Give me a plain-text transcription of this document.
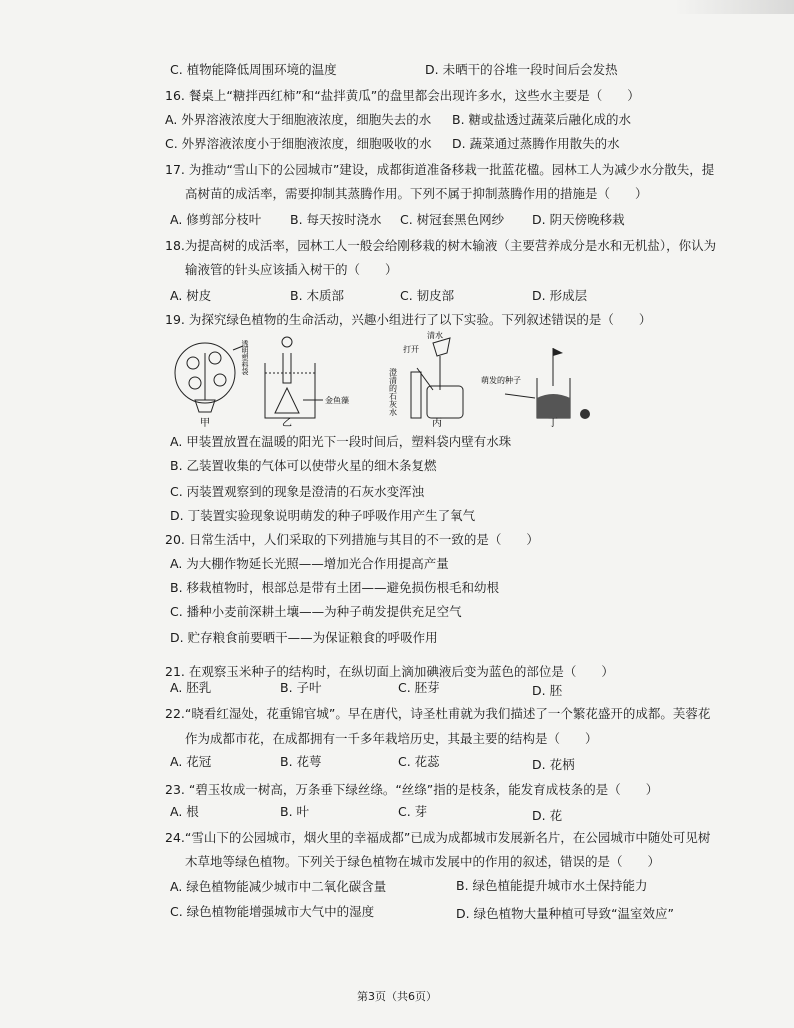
C. 植物能降低周围环境的温度	D. 未晒干的谷堆一段时间后会发热
16. 餐桌上“糖拌西红柿”和“盐拌黄瓜”的盘里都会出现许多水，这些水主要是（　　）
A. 外界溶液浓度大于细胞液浓度，细胞失去的水 B. 糖或盐透过蔬菜后融化成的水
C. 外界溶液浓度小于细胞液浓度，细胞吸收的水 D. 蔬菜通过蒸腾作用散失的水
17. 为推动“雪山下的公园城市”建设，成都街道准备移栽一批蓝花楹。园林工人为减少水分散失，提
高树苗的成活率，需要抑制其蒸腾作用。下列不属于抑制蒸腾作用的措施是（　　）
A. 修剪部分枝叶 B. 每天按时浇水 C. 树冠套黑色网纱 D. 阴天傍晚移栽
18.为提高树的成活率，园林工人一般会给刚移栽的树木输液（主要营养成分是水和无机盐），你认为
输液管的针头应该插入树干的（　　）
A. 树皮	B. 木质部	C. 韧皮部	D. 形成层
19. 为探究绿色植物的生命活动，兴趣小组进行了以下实验。下列叙述错误的是（　　）
透明塑料袋
甲
金鱼藻
乙
清水
打开
澄清的石灰水
丙
萌发的种子
丁
A. 甲装置放置在温暖的阳光下一段时间后，塑料袋内壁有水珠
B. 乙装置收集的气体可以使带火星的细木条复燃
C. 丙装置观察到的现象是澄清的石灰水变浑浊
D. 丁装置实验现象说明萌发的种子呼吸作用产生了氧气
20. 日常生活中，人们采取的下列措施与其目的不一致的是（　　）
A. 为大棚作物延长光照——增加光合作用提高产量
B. 移栽植物时，根部总是带有土团——避免损伤根毛和幼根
C. 播种小麦前深耕土壤——为种子萌发提供充足空气
D. 贮存粮食前要晒干——为保证粮食的呼吸作用
21. 在观察玉米种子的结构时，在纵切面上滴加碘液后变为蓝色的部位是（　　）
A. 胚乳	B. 子叶	C. 胚芽	D. 胚
22.“晓看红湿处，花重锦官城”。早在唐代，诗圣杜甫就为我们描述了一个繁花盛开的成都。芙蓉花
作为成都市花，在成都拥有一千多年栽培历史，其最主要的结构是（　　）
A. 花冠	B. 花萼	C. 花蕊	D. 花柄
23. “碧玉妆成一树高，万条垂下绿丝绦。“丝绦”指的是枝条，能发育成枝条的是（　　）
A. 根	B. 叶	C. 芽	D. 花
24.“雪山下的公园城市，烟火里的幸福成都”已成为成都城市发展新名片，在公园城市中随处可见树
木草地等绿色植物。下列关于绿色植物在城市发展中的作用的叙述，错误的是（　　）
A. 绿色植物能减少城市中二氧化碳含量	B. 绿色植能提升城市水土保持能力
C. 绿色植物能增强城市大气中的湿度	D. 绿色植物大量种植可导致“温室效应”
第3页（共6页）
